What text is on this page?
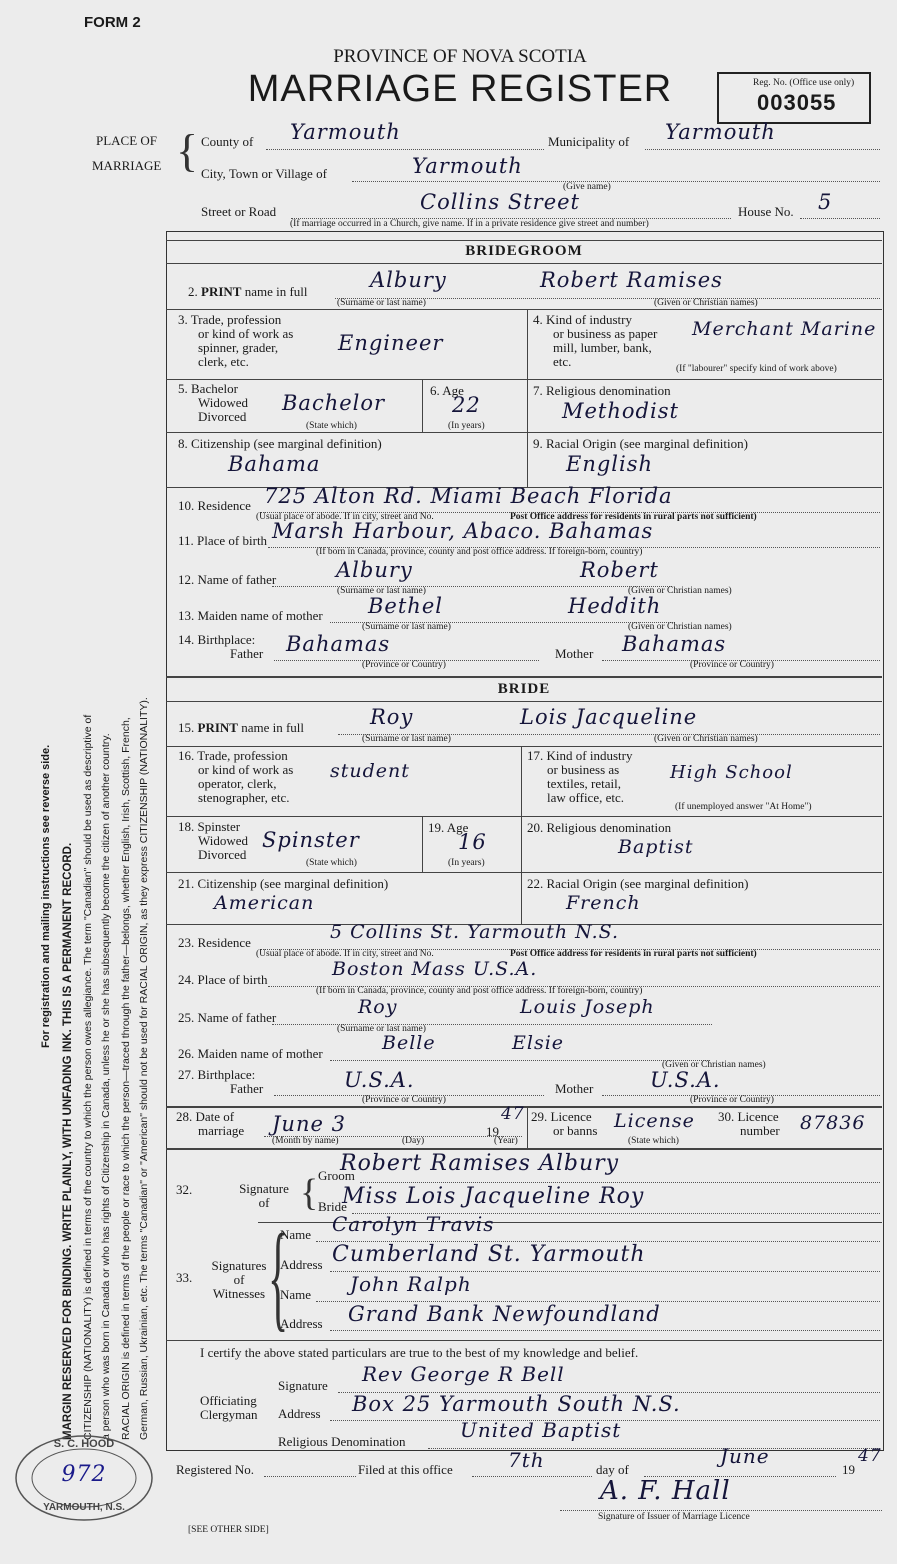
FORM 2
PROVINCE OF NOVA SCOTIA
MARRIAGE REGISTER	Reg. No. (Office use only)
003055
PLACE OF
MARRIAGE { County of Yarmouth	Municipality of Yarmouth
City, Town or Village of	Yarmouth
(Give name)
Street or Road	Collins Street	House No. 5
(If marriage occurred in a Church, give name. If in a private residence give street and number)
For registration and mailing instructions see reverse side. MARGIN RESERVED FOR BINDING. WRITE PLAINLY, WITH UNFADING INK. THIS IS A PERMANENT RECORD. CITIZENSHIP (NATIONALITY) is defined in terms of the country to which the person owes allegiance. The term "Canadian" should be used as descriptive of a person who was born in Canada or who has rights of Citizenship in Canada, unless he or she has subsequently become the citizen of another country. RACIAL ORIGIN is defined in terms of the people or race to which the person—traced through the father—belongs, whether English, Irish, Scottish, French, German, Russian, Ukrainian, etc. The terms "Canadian" or "American" should not be used for RACIAL ORIGIN, as they express CITIZENSHIP (NATIONALITY).
BRIDEGROOM
2. PRINT name in full	Albury	Robert Ramises
(Surname or last name)	(Given or Christian names)
3. Trade, profession
or kind of work as
spinner, grader,
clerk, etc.
Engineer
4. Kind of industry
or business as paper
mill, lumber, bank,
etc.
Merchant Marine
(If "labourer" specify kind of work above)
5. Bachelor
Widowed
Divorced
Bachelor
(State which)
6. Age
22
(In years)
7. Religious denomination
Methodist
8. Citizenship (see marginal definition)
Bahama
9. Racial Origin (see marginal definition)
English
10. Residence 725 Alton Rd. Miami Beach Florida
(Usual place of abode. If in city, street and No.	Post Office address for residents in rural parts not sufficient)
11. Place of birth Marsh Harbour, Abaco. Bahamas
(If born in Canada, province, county and post office address. If foreign-born, country)
12. Name of father	Albury	Robert
(Surname or last name)	(Given or Christian names)
13. Maiden name of mother Bethel	Heddith
(Surname or last name)	(Given or Christian names)
14. Birthplace:
Father Bahamas
(Province or Country)
Mother Bahamas
(Province or Country)
BRIDE
15. PRINT name in full	Roy	Lois Jacqueline
(Surname or last name)	(Given or Christian names)
16. Trade, profession
or kind of work as
operator, clerk,
stenographer, etc.
student
17. Kind of industry
or business as
textiles, retail,
law office, etc.
High School
(If unemployed answer "At Home")
18. Spinster
Widowed
Divorced
Spinster
(State which)
19. Age
16
(In years)
20. Religious denomination
Baptist
21. Citizenship (see marginal definition)
American
22. Racial Origin (see marginal definition)
French
23. Residence	5 Collins St. Yarmouth N.S.
(Usual place of abode. If in city, street and No.	Post Office address for residents in rural parts not sufficient)
24. Place of birth	Boston Mass U.S.A.
(If born in Canada, province, county and post office address. If foreign-born, country)
25. Name of father	Roy	Louis Joseph
(Surname or last name)
26. Maiden name of mother	Belle	Elsie
(Given or Christian names)
27. Birthplace:
Father	U.S.A.
(Province or Country)
Mother	U.S.A.
(Province or Country)
28. Date of
marriage June 3	19
47
(Month by name)	(Day)	(Year)
29. Licence
or banns License
(State which)
30. Licence
number 87836
32.	Signature
of { Groom
Robert Ramises Albury
Bride
Miss Lois Jacqueline Roy
33.
Signatures
of
Witnesses {
Name Carolyn Travis
Address Cumberland St. Yarmouth
Name John Ralph
Address Grand Bank Newfoundland
I certify the above stated particulars are true to the best of my knowledge and belief.
Officiating
Clergyman
Signature Rev George R Bell
Address Box 25 Yarmouth South N.S.
Religious Denomination	United Baptist
Registered No.	Filed at this office	7th	day of
June
19
47
A. F. Hall
Signature of Issuer of Marriage Licence
[SEE OTHER SIDE]
S. C. HOOD
972
YARMOUTH, N.S.
